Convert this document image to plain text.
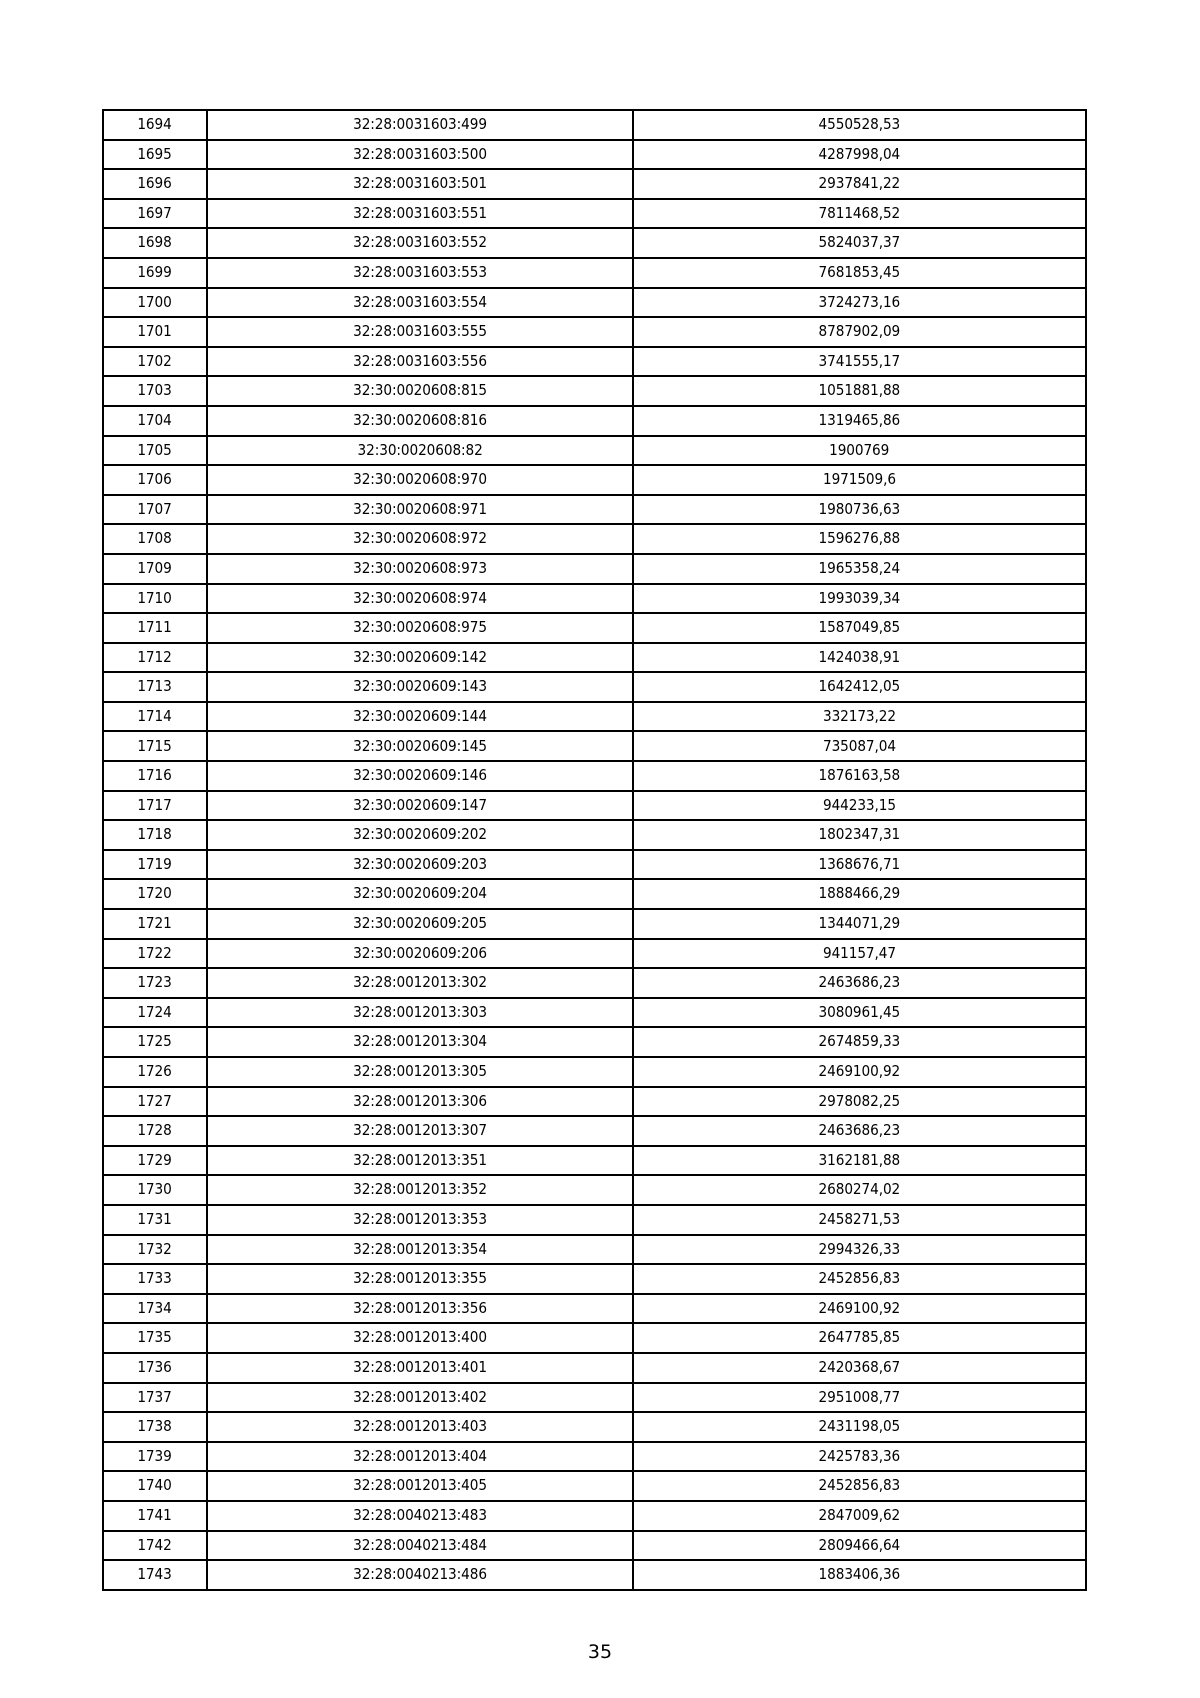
1694	32:28:0031603:499	4550528,53
1695	32:28:0031603:500	4287998,04
1696	32:28:0031603:501	2937841,22
1697	32:28:0031603:551	7811468,52
1698	32:28:0031603:552	5824037,37
1699	32:28:0031603:553	7681853,45
1700	32:28:0031603:554	3724273,16
1701	32:28:0031603:555	8787902,09
1702	32:28:0031603:556	3741555,17
1703	32:30:0020608:815	1051881,88
1704	32:30:0020608:816	1319465,86
1705	32:30:0020608:82	1900769
1706	32:30:0020608:970	1971509,6
1707	32:30:0020608:971	1980736,63
1708	32:30:0020608:972	1596276,88
1709	32:30:0020608:973	1965358,24
1710	32:30:0020608:974	1993039,34
1711	32:30:0020608:975	1587049,85
1712	32:30:0020609:142	1424038,91
1713	32:30:0020609:143	1642412,05
1714	32:30:0020609:144	332173,22
1715	32:30:0020609:145	735087,04
1716	32:30:0020609:146	1876163,58
1717	32:30:0020609:147	944233,15
1718	32:30:0020609:202	1802347,31
1719	32:30:0020609:203	1368676,71
1720	32:30:0020609:204	1888466,29
1721	32:30:0020609:205	1344071,29
1722	32:30:0020609:206	941157,47
1723	32:28:0012013:302	2463686,23
1724	32:28:0012013:303	3080961,45
1725	32:28:0012013:304	2674859,33
1726	32:28:0012013:305	2469100,92
1727	32:28:0012013:306	2978082,25
1728	32:28:0012013:307	2463686,23
1729	32:28:0012013:351	3162181,88
1730	32:28:0012013:352	2680274,02
1731	32:28:0012013:353	2458271,53
1732	32:28:0012013:354	2994326,33
1733	32:28:0012013:355	2452856,83
1734	32:28:0012013:356	2469100,92
1735	32:28:0012013:400	2647785,85
1736	32:28:0012013:401	2420368,67
1737	32:28:0012013:402	2951008,77
1738	32:28:0012013:403	2431198,05
1739	32:28:0012013:404	2425783,36
1740	32:28:0012013:405	2452856,83
1741	32:28:0040213:483	2847009,62
1742	32:28:0040213:484	2809466,64
1743	32:28:0040213:486	1883406,36
35
